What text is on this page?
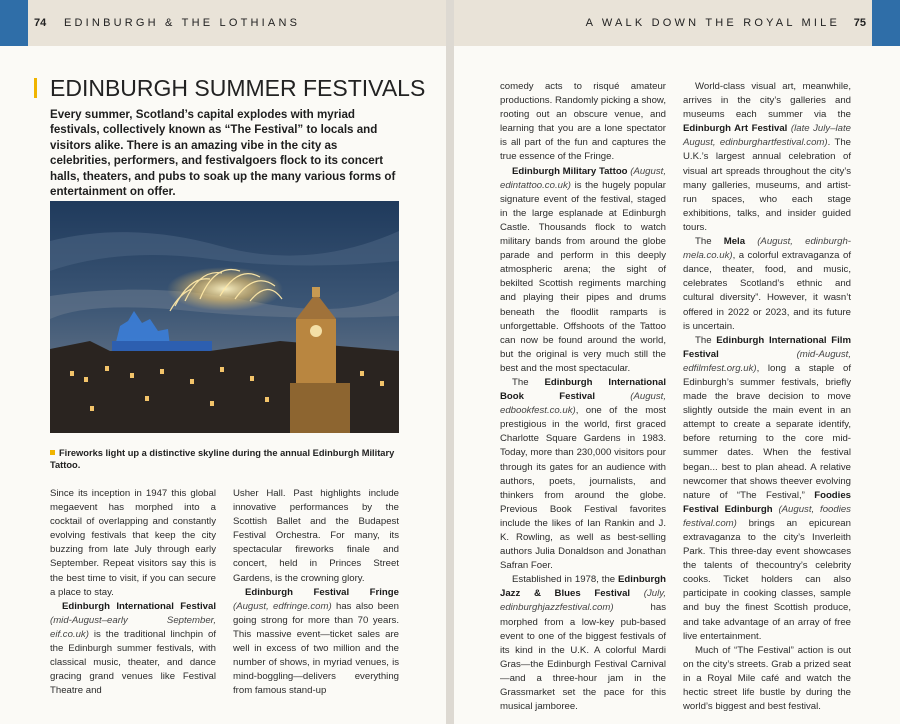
74 EDINBURGH & THE LOTHIANS
EDINBURGH SUMMER FESTIVALS

Every summer, Scotland’s capital explodes with myriad festivals, collectively known as “The Festival” to locals and visitors alike. There is an amazing vibe in the city as celebrities, performers, and festivalgoers flock to its concert halls, theaters, and pubs to soak up the many various forms of entertainment on offer.

Fireworks light up a distinctive skyline during the annual Edinburgh Military Tattoo.

Since its inception in 1947 this global megaevent has morphed into a cocktail of overlapping and constantly evolving festivals that keep the city buzzing from late July through early September. Repeat visitors say this is the best time to visit, if you can secure a place to stay.

Edinburgh International Festival (mid-August–early September, eif.co.uk) is the traditional linchpin of the Edinburgh summer festivals, with classical music, theater, and dance gracing grand venues like Festival Theatre and

Usher Hall. Past highlights include innovative performances by the Scottish Ballet and the Budapest Festival Orchestra. For many, its spectacular fireworks finale and concert, held in Princes Street Gardens, is the crowning glory.

Edinburgh Festival Fringe (August, edfringe.com) has also been going strong for more than 70 years. This massive event—ticket sales are well in excess of two million and the number of shows, in myriad venues, is mind-boggling—delivers everything from famous stand-up

A WALK DOWN THE ROYAL MILE 75

comedy acts to risqué amateur productions. Randomly picking a show, rooting out an obscure venue, and learning that you are a lone spectator is all part of the fun and captures the true essence of the Fringe.

Edinburgh Military Tattoo (August, edintattoo.co.uk) is the hugely popular signature event of the festival, staged in the large esplanade at Edinburgh Castle. Thousands flock to watch military bands from around the globe parade and perform in this deeply atmospheric arena; the sight of bekilted Scottish regiments marching and playing their pipes and drums beneath the floodlit ramparts is unforgettable. Offshoots of the Tattoo can now be found around the world, but the original is very much still the best and the most spectacular.

The Edinburgh International Book Festival	(August, edbookfest.co.uk), one of the most prestigious in the world, first graced Charlotte Square Gardens in 1983. Today, more than 230,000 visitors pour through its gates for an audience with authors, poets, journalists, and thinkers from around the globe. Previous Book Festival favorites include the likes of Ian Rankin and J. K. Rowling, as well as best-selling authors Julia Donaldson and Jonathan Safran Foer.

Established in 1978, the Edinburgh Jazz & Blues Festival (July, edinburghjazzfestival.com)	has morphed from a low-key pub-based event to one of the biggest festivals of its kind in the U.K. A colorful Mardi Gras—the Edinburgh Festival Carnival—and a three-hour jam in the Grassmarket set the pace for this musical jamboree.

World-class visual art, meanwhile, arrives in the city’s galleries and museums each summer via the Edinburgh Art Festival (late July–late August, edinburghartfestival.com). The U.K.’s largest annual celebration of visual art spreads throughout the city’s many galleries, museums, and artist-run spaces, who each stage exhibitions, talks, and insider guided tours.

The Mela (August, edinburgh-mela.co.uk), a colorful extravaganza of dance, theater, food, and music, celebrates Scotland’s ethnic and cultural diversity”. However, it wasn’t offered in 2022 or 2023, and its future is uncertain.

The Edinburgh International Film Festival	(mid-August, edfilmfest.org.uk), long a staple of Edinburgh’s summer festivals, briefly made the brave decision to move slightly outside the main event in an attempt to create a separate identify, before returning to the core mid-summer dates. When the festival began... best to plan ahead. A relative newcomer that shows theever evolving nature of “The Festival,” Foodies Festival Edinburgh (August, foodies festival.com) brings an epicurean extravaganza to the city’s Inverleith Park. This three-day event showcases the talents of thecountry’s celebrity cooks. Ticket holders can also participate in cooking classes, sample and buy the finest Scottish produce, and take advantage of an array of free live entertainment.

Much of “The Festival” action is out on the city’s streets. Grab a prized seat in a Royal Mile café and watch the hectic street life bustle by during the world’s biggest and best festival.
